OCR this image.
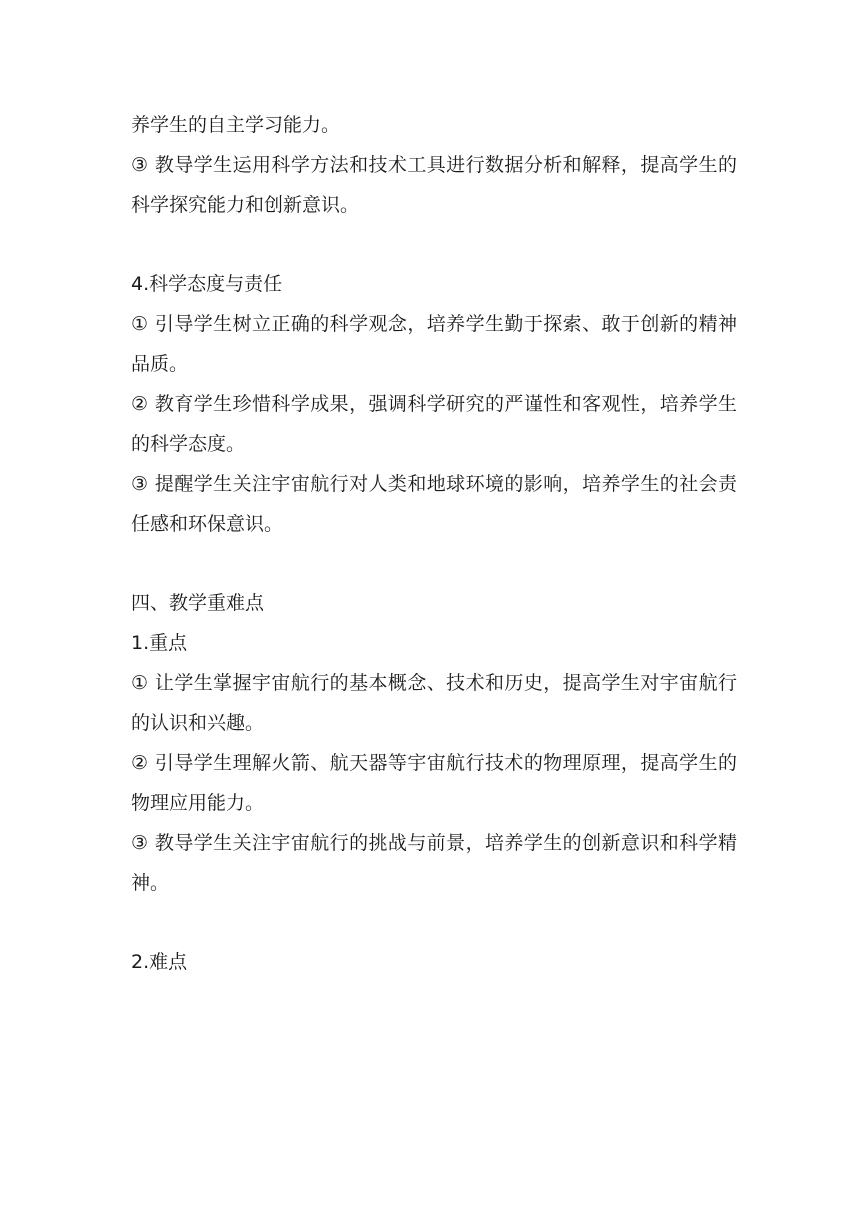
养学生的自主学习能力。

③ 教导学生运用科学方法和技术工具进行数据分析和解释，提高学生的科学探究能力和创新意识。

4.科学态度与责任

① 引导学生树立正确的科学观念，培养学生勤于探索、敢于创新的精神品质。

② 教育学生珍惜科学成果，强调科学研究的严谨性和客观性，培养学生的科学态度。

③ 提醒学生关注宇宙航行对人类和地球环境的影响，培养学生的社会责任感和环保意识。

四、教学重难点

1.重点

① 让学生掌握宇宙航行的基本概念、技术和历史，提高学生对宇宙航行的认识和兴趣。

② 引导学生理解火箭、航天器等宇宙航行技术的物理原理，提高学生的物理应用能力。

③ 教导学生关注宇宙航行的挑战与前景，培养学生的创新意识和科学精神。

2.难点
